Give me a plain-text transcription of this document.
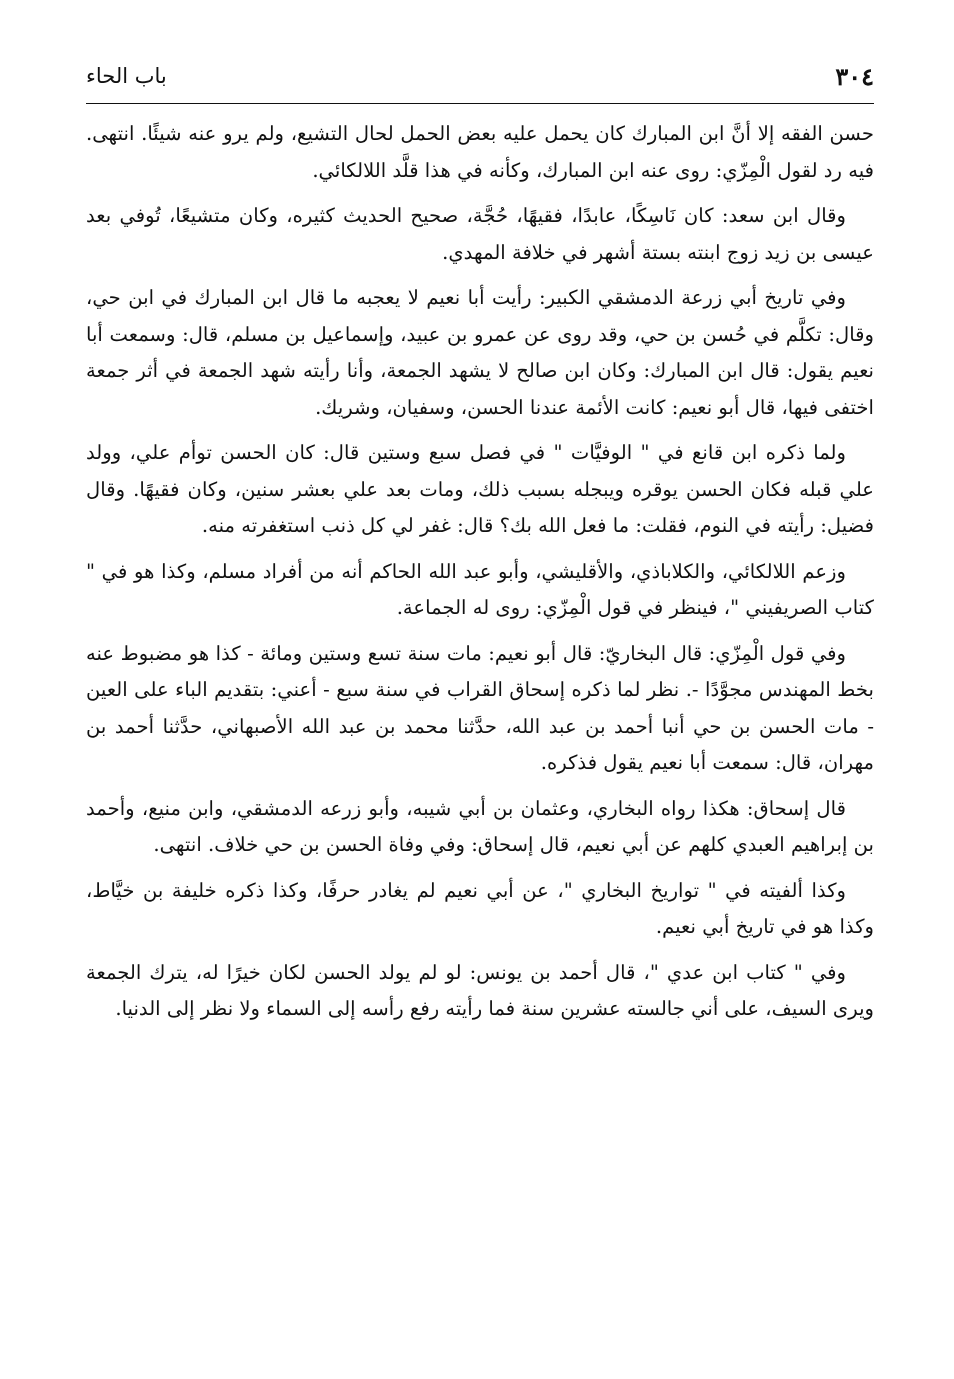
٣٠٤
باب الحاء

حسن الفقه إلا أنَّ ابن المبارك كان يحمل عليه بعض الحمل لحال التشيع، ولم يرو عنه شيئًا. انتهى. فيه رد لقول الْمِزّي: روى عنه ابن المبارك، وكأنه في هذا قلَّد اللالكائي.

وقال ابن سعد: كان نَاسِكًا، عابدًا، فقيهًا، حُجَّة، صحيح الحديث كثيره، وكان متشيعًا، تُوفي بعد عيسى بن زيد زوج ابنته بستة أشهر في خلافة المهدي.

وفي تاريخ أبي زرعة الدمشقي الكبير: رأيت أبا نعيم لا يعجبه ما قال ابن المبارك في ابن حي، وقال: تكلَّم في حُسن بن حي، وقد روى عن عمرو بن عبيد، وإسماعيل بن مسلم، قال: وسمعت أبا نعيم يقول: قال ابن المبارك: وكان ابن صالح لا يشهد الجمعة، وأنا رأيته شهد الجمعة في أثر جمعة اختفى فيها، قال أبو نعيم: كانت الأئمة عندنا الحسن، وسفيان، وشريك.

ولما ذكره ابن قانع في " الوفيَّات " في فصل سبع وستين قال: كان الحسن توأم علي، وولد علي قبله فكان الحسن يوقره ويبجله بسبب ذلك، ومات بعد علي بعشر سنين، وكان فقيهًا. وقال فضيل: رأيته في النوم، فقلت: ما فعل الله بك؟ قال: غفر لي كل ذنب استغفرته منه.

وزعم اللالكائي، والكلاباذي، والأقليشي، وأبو عبد الله الحاكم أنه من أفراد مسلم، وكذا هو في " كتاب الصريفيني "، فينظر في قول الْمِزّي: روى له الجماعة.

وفي قول الْمِزّي: قال البخاريّ: قال أبو نعيم: مات سنة تسع وستين ومائة - كذا هو مضبوط عنه بخط المهندس مجوَّدًا -. نظر لما ذكره إسحاق القراب في سنة سبع - أعني: بتقديم الباء على العين - مات الحسن بن حي أنبا أحمد بن عبد الله، حدَّثنا محمد بن عبد الله الأصبهاني، حدَّثنا أحمد بن مهران، قال: سمعت أبا نعيم يقول فذكره.

قال إسحاق: هكذا رواه البخاري، وعثمان بن أبي شيبه، وأبو زرعه الدمشقي، وابن منيع، وأحمد بن إبراهيم العبدي كلهم عن أبي نعيم، قال إسحاق: وفي وفاة الحسن بن حي خلاف. انتهى.

وكذا ألفيته في " تواريخ البخاري "، عن أبي نعيم لم يغادر حرفًا، وكذا ذكره خليفة بن خيَّاط، وكذا هو في تاريخ أبي نعيم.

وفي " كتاب ابن عدي "، قال أحمد بن يونس: لو لم يولد الحسن لكان خيرًا له، يترك الجمعة ويرى السيف، على أني جالسته عشرين سنة فما رأيته رفع رأسه إلى السماء ولا نظر إلى الدنيا.
